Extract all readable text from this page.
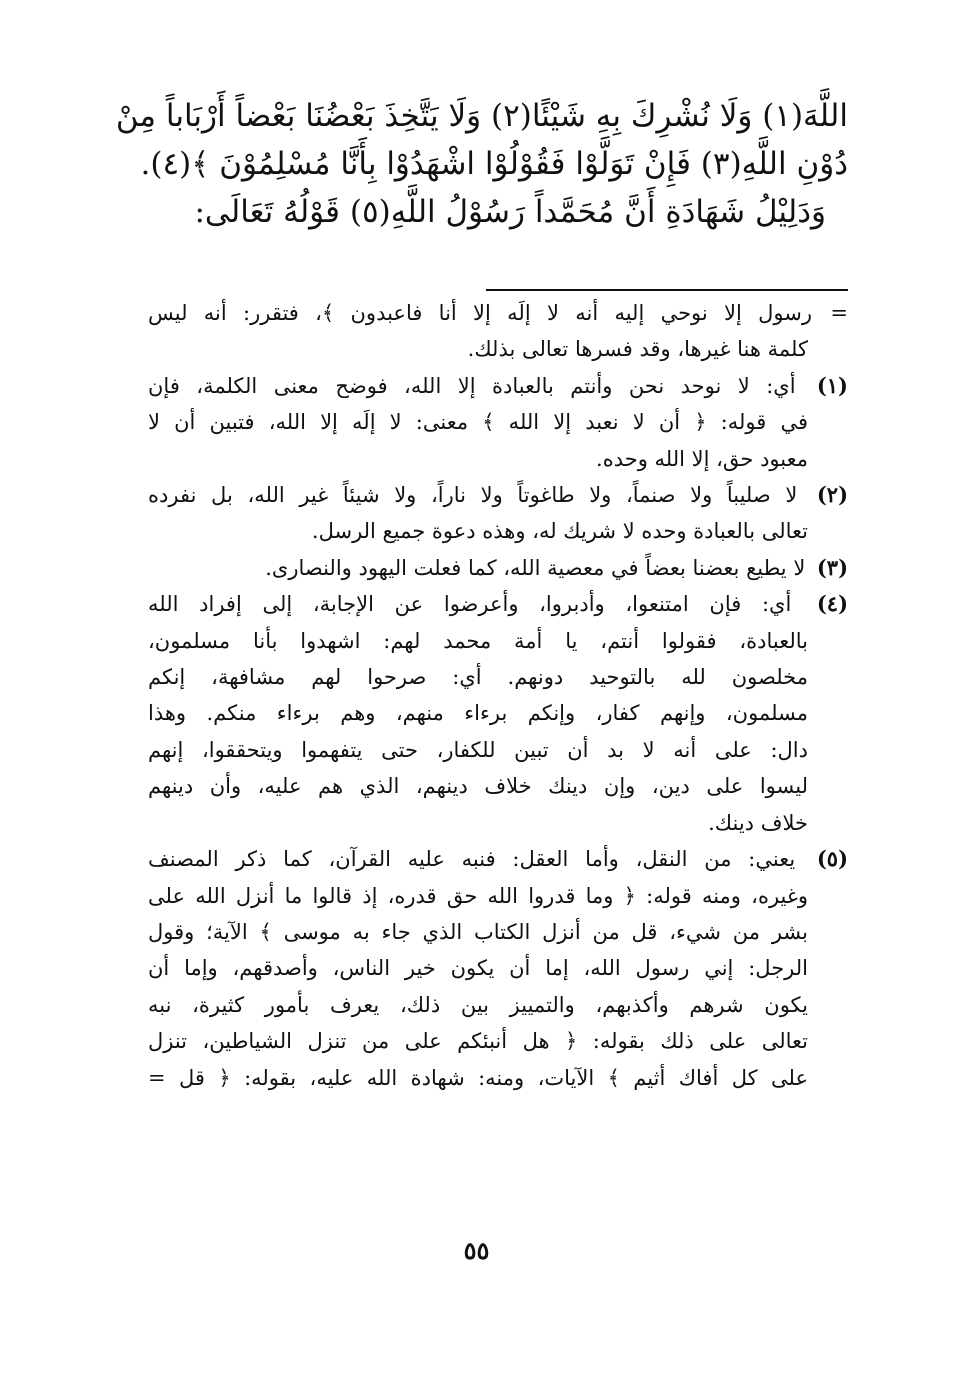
اللَّهَ(١) وَلَا نُشْرِكَ بِهِ شَيْئًا(٢) وَلَا يَتَّخِذَ بَعْضُنَا بَعْضاً أَرْبَاباً مِنْ
دُوْنِ اللَّهِ(٣) فَإِنْ تَوَلَّوْا فَقُوْلُوْا اشْهَدُوْا بِأَنَّا مُسْلِمُوْنَ ﴾(٤).
وَدَلِيْلُ شَهَادَةِ أَنَّ مُحَمَّداً رَسُوْلُ اللَّهِ(٥) قَوْلُهُ تَعَالَى:
=رسول إلا نوحي إليه أنه لا إلَه إلا أنا فاعبدون ﴾، فتقرر: أنه ليس
كلمة هنا غيرها، وقد فسرها تعالى بذلك.
(١) أي: لا نوحد نحن وأنتم بالعبادة إلا الله، فوضح معنى الكلمة، فإن
في قوله: ﴿ أن لا نعبد إلا الله ﴾ معنى: لا إلَه إلا الله، فتبين أن لا
معبود حق، إلا الله وحده.
(٢) لا صليباً ولا صنماً، ولا طاغوتاً ولا ناراً، ولا شيئاً غير الله، بل نفرده
تعالى بالعبادة وحده لا شريك له، وهذه دعوة جميع الرسل.
(٣) لا يطيع بعضنا بعضاً في معصية الله، كما فعلت اليهود والنصارى.
(٤) أي: فإن امتنعوا، وأدبروا، وأعرضوا عن الإجابة، إلى إفراد الله
بالعبادة، فقولوا أنتم، يا أمة محمد لهم: اشهدوا بأنا مسلمون،
مخلصون لله بالتوحيد دونهم. أي: صرحوا لهم مشافهة، إنكم
مسلمون، وإنهم كفار، وإنكم برءاء منهم، وهم برءاء منكم. وهذا
دال: على أنه لا بد أن تبين للكفار، حتى يتفهموا ويتحققوا، إنهم
ليسوا على دين، وإن دينك خلاف دينهم، الذي هم عليه، وأن دينهم
خلاف دينك.
(٥) يعني: من النقل، وأما العقل: فنبه عليه القرآن، كما ذكر المصنف
وغيره، ومنه قوله: ﴿ وما قدروا الله حق قدره، إذ قالوا ما أنزل الله على
بشر من شيء، قل من أنزل الكتاب الذي جاء به موسى ﴾ الآية؛ وقول
الرجل: إني رسول الله، إما أن يكون خير الناس، وأصدقهم، وإما أن
يكون شرهم وأكذبهم، والتمييز بين ذلك، يعرف بأمور كثيرة، نبه
تعالى على ذلك بقوله: ﴿ هل أنبئكم على من تنزل الشياطين، تنزل
على كل أفاك أثيم ﴾ الآيات، ومنه: شهادة الله عليه، بقوله: ﴿ قل =
٥٥
